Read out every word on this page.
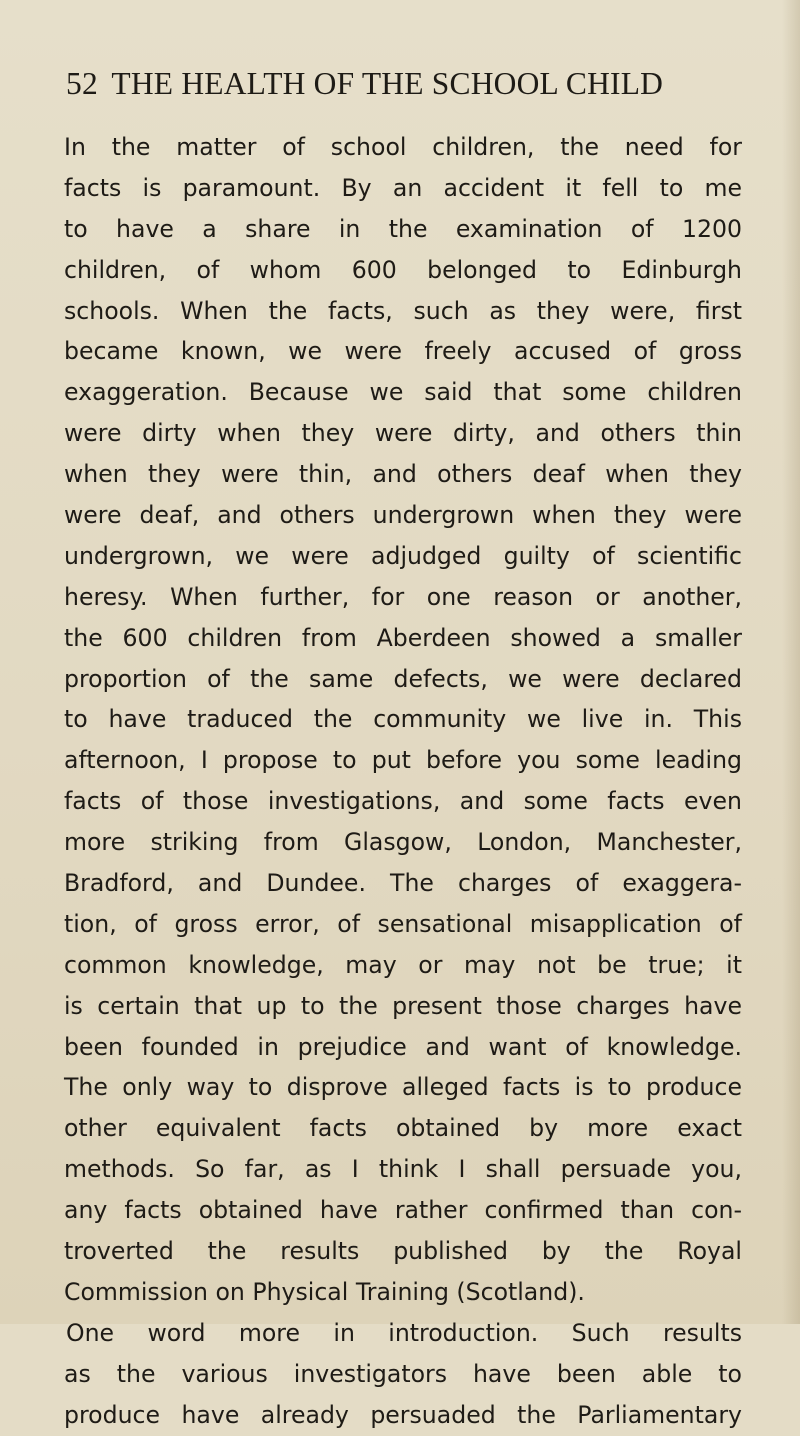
52 THE HEALTH OF THE SCHOOL CHILD
In the matter of school children, the need for
facts is paramount. By an accident it fell to me
to have a share in the examination of 1200
children, of whom 600 belonged to Edinburgh
schools. When the facts, such as they were, first
became known, we were freely accused of gross
exaggeration. Because we said that some children
were dirty when they were dirty, and others thin
when they were thin, and others deaf when they
were deaf, and others undergrown when they were
undergrown, we were adjudged guilty of scientific
heresy. When further, for one reason or another,
the 600 children from Aberdeen showed a smaller
proportion of the same defects, we were declared
to have traduced the community we live in. This
afternoon, I propose to put before you some leading
facts of those investigations, and some facts even
more striking from Glasgow, London, Manchester,
Bradford, and Dundee. The charges of exaggera-
tion, of gross error, of sensational misapplication of
common knowledge, may or may not be true; it
is certain that up to the present those charges have
been founded in prejudice and want of knowledge.
The only way to disprove alleged facts is to produce
other equivalent facts obtained by more exact
methods. So far, as I think I shall persuade you,
any facts obtained have rather confirmed than con-
troverted the results published by the Royal
Commission on Physical Training (Scotland).
One word more in introduction. Such results
as the various investigators have been able to
produce have already persuaded the Parliamentary
